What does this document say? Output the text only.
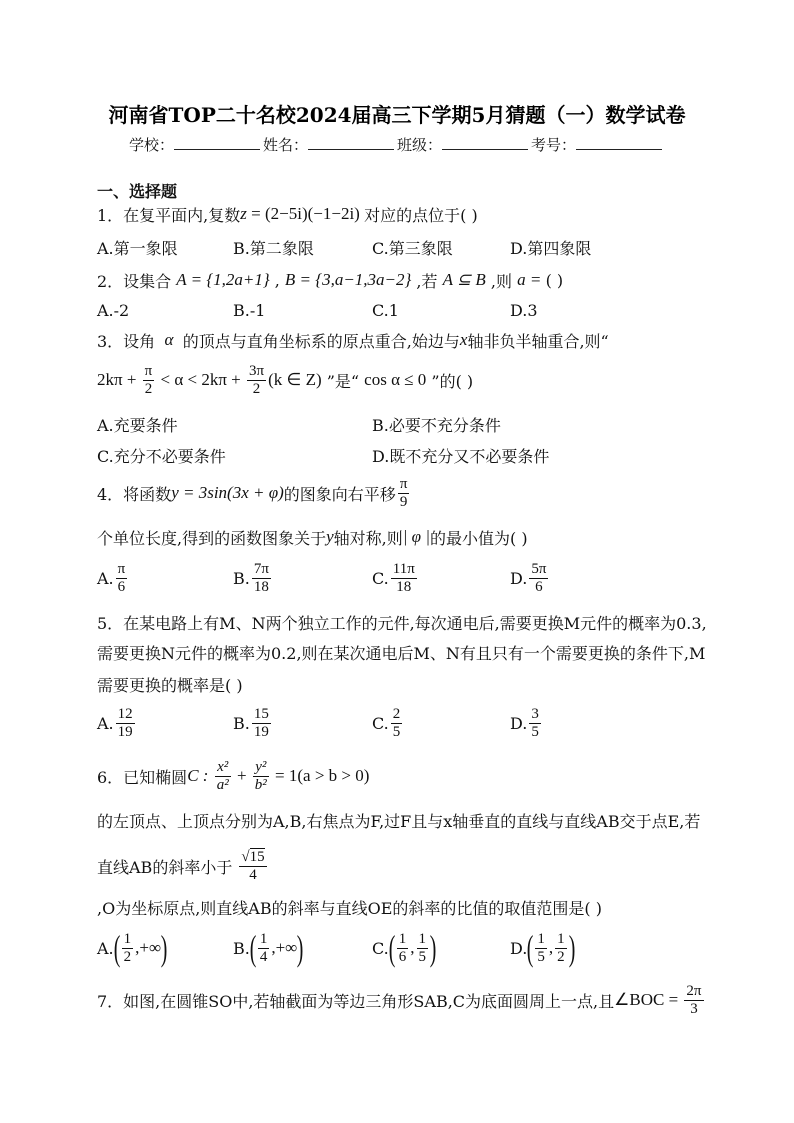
河南省TOP二十名校2024届高三下学期5月猜题（一）数学试卷
学校：	姓名：	班级：	考号：
一、选择题
1．在复平面内,复数 z = (2−5i)(−1−2i) 对应的点位于( )
A.第一象限	B.第二象限	C.第三象限	D.第四象限
2．设集合 A = {1,2a+1} , B = {3,a−1,3a−2} ,若 A ⊆ B ,则 a = ( )
A.-2	B.-1	C.1	D.3
3．设角 α 的顶点与直角坐标系的原点重合,始边与 x 轴非负半轴重合,则“
$2k\pi + \frac{\pi}{2} < \alpha < 2k\pi + \frac{3\pi}{2} (k$ ∈ Z) ”是“ cos α ≤ 0 ”的( )
A.充要条件	B.必要不充分条件
C.充分不必要条件	D.既不充分又不必要条件
4．将函数 y = 3sin(3x + φ) 的图象向右平移 $\frac{\pi}{9}$
个单位长度,得到的函数图象关于 y 轴对称,则 | φ | 的最小值为( )
A. $\frac{\pi}{6}$	B. $\frac{7\pi}{18}$	C. $\frac{11\pi}{18}$	D. $\frac{5\pi}{6}$
5．在某电路上有M、N两个独立工作的元件,每次通电后,需要更换M元件的概率为0.3,
需要更换N元件的概率为0.2,则在某次通电后M、N有且只有一个需要更换的条件下,M
需要更换的概率是( )
A. $\frac{12}{19}$	B. $\frac{15}{19}$	C. $\frac{2}{5}$	D. $\frac{3}{5}$
6．已知椭圆 C : $\frac{\text{x²}}{\text{a²}} + \frac{\text{y²}}{\text{b²}} = 1(a > b > 0)$
的左顶点、上顶点分别为A,B,右焦点为F,过F且与x轴垂直的直线与直线AB交于点E,若
直线AB的斜率小于 $\frac{√15}{4}$
,O为坐标原点,则直线AB的斜率与直线OE的斜率的比值的取值范围是( )
A. ( $\frac{1}{2}$ ,+∞ )	B. ( $\frac{1}{4}$ ,+∞ )	C. ( $\frac{1}{6}$ , $\frac{1}{5}$ )	D. ( $\frac{1}{5}$ , $\frac{1}{2}$ )
7．如图,在圆锥SO中,若轴截面为等边三角形SAB,C为底面圆周上一点,且 ∠BOC = $\frac{2\pi}{3}$
